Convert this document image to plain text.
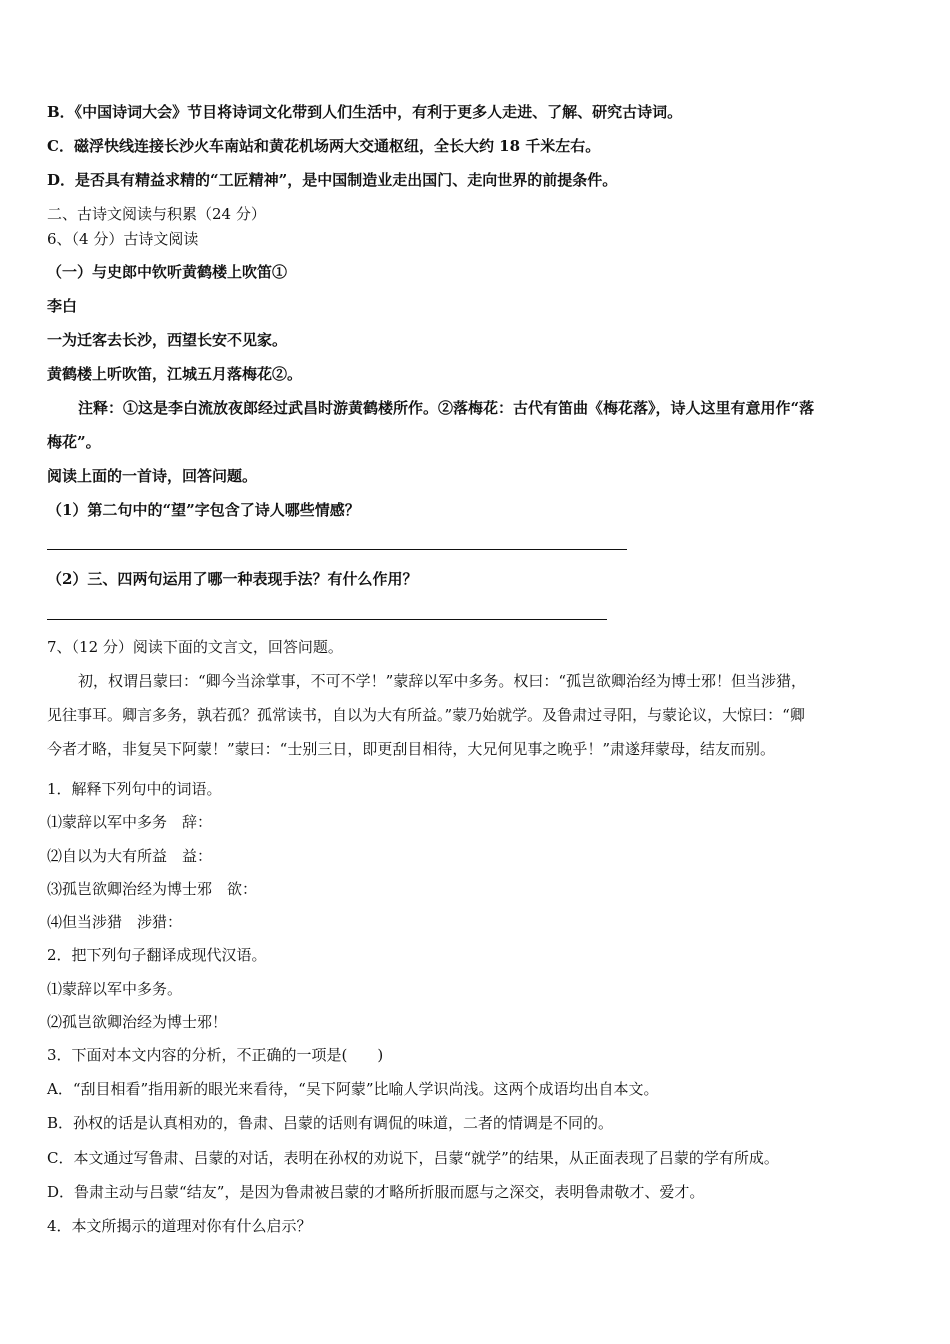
B．《中国诗词大会》节目将诗词文化带到人们生活中，有利于更多人走进、了解、研究古诗词。
C．磁浮快线连接长沙火车南站和黄花机场两大交通枢纽，全长大约 18 千米左右。
D．是否具有精益求精的“工匠精神”，是中国制造业走出国门、走向世界的前提条件。
二、古诗文阅读与积累（24 分）
6、（4 分）古诗文阅读
（一）与史郎中钦听黄鹤楼上吹笛①
李白
一为迁客去长沙，西望长安不见家。
黄鹤楼上听吹笛，江城五月落梅花②。
注释：①这是李白流放夜郎经过武昌时游黄鹤楼所作。②落梅花：古代有笛曲《梅花落》，诗人这里有意用作“落
梅花”。
阅读上面的一首诗，回答问题。
（1）第二句中的“望”字包含了诗人哪些情感？
（2）三、四两句运用了哪一种表现手法？有什么作用？
7、（12 分）阅读下面的文言文，回答问题。
初，权谓吕蒙曰：“卿今当涂掌事，不可不学！”蒙辞以军中多务。权曰：“孤岂欲卿治经为博士邪！但当涉猎，
见往事耳。卿言多务，孰若孤？孤常读书，自以为大有所益。”蒙乃始就学。及鲁肃过寻阳，与蒙论议，大惊曰：“卿
今者才略，非复吴下阿蒙！”蒙曰：“士别三日，即更刮目相待，大兄何见事之晚乎！”肃遂拜蒙母，结友而别。
1．解释下列句中的词语。
⑴蒙辞以军中多务　辞：
⑵自以为大有所益　益：
⑶孤岂欲卿治经为博士邪　欲：
⑷但当涉猎　涉猎：
2．把下列句子翻译成现代汉语。
⑴蒙辞以军中多务。
⑵孤岂欲卿治经为博士邪！
3．下面对本文内容的分析，不正确的一项是(　　)
A．“刮目相看”指用新的眼光来看待，“吴下阿蒙”比喻人学识尚浅。这两个成语均出自本文。
B．孙权的话是认真相劝的，鲁肃、吕蒙的话则有调侃的味道，二者的情调是不同的。
C．本文通过写鲁肃、吕蒙的对话，表明在孙权的劝说下，吕蒙“就学”的结果，从正面表现了吕蒙的学有所成。
D．鲁肃主动与吕蒙“结友”，是因为鲁肃被吕蒙的才略所折服而愿与之深交，表明鲁肃敬才、爱才。
4．本文所揭示的道理对你有什么启示？
